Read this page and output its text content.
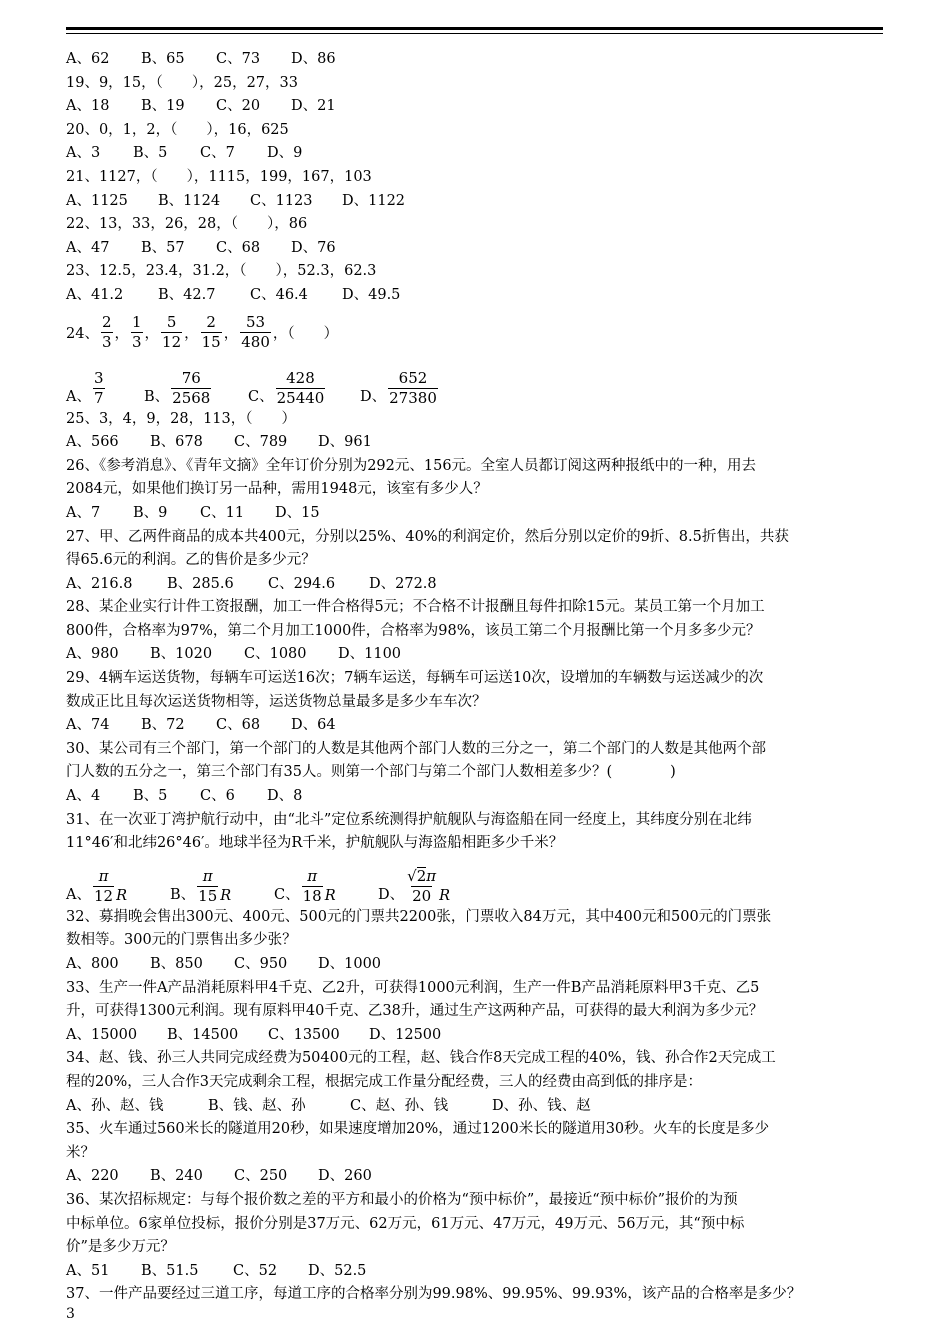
A、62	B、65	C、73	D、86
19、9，15，（　　），25，27，33
A、18	B、19	C、20	D、21
20、0，1，2，（　　），16，625
A、3	B、5	C、7	D、9
21、1127，（　　），1115，199，167，103
A、1125	B、1124	C、1123	D、1122
22、13，33，26，28，（　　），86
A、47	B、57	C、68	D、76
23、12.5，23.4，31.2，（　　），52.3，62.3
A、41.2	B、42.7	C、46.4	D、49.5
24、 $\frac{2}{3}$ ， $\frac{1}{3}$ ， $\frac{5}{12}$ ， $\frac{2}{15}$ ， $\frac{53}{480}$ ，（　　）
A、 $\frac{3}{7}$	B、 $\frac{76}{2568}$	C、 $\frac{428}{25440}$ D、 $\frac{652}{27380}$
25、3，4，9，28，113，（　　）
A、566	B、678	C、789	D、961
26、《参考消息》、《青年文摘》全年订价分别为292元、156元。全室人员都订阅这两种报纸中的一种，用去
2084元，如果他们换订另一品种，需用1948元，该室有多少人？
A、7	B、9	C、11	D、15
27、甲、乙两件商品的成本共400元，分别以25%、40%的利润定价，然后分别以定价的9折、8.5折售出，共获
得65.6元的利润。乙的售价是多少元？
A、216.8	B、285.6	C、294.6	D、272.8
28、某企业实行计件工资报酬，加工一件合格得5元；不合格不计报酬且每件扣除15元。某员工第一个月加工
800件，合格率为97%，第二个月加工1000件，合格率为98%，该员工第二个月报酬比第一个月多多少元？
A、980	B、1020	C、1080	D、1100
29、4辆车运送货物，每辆车可运送16次；7辆车运送，每辆车可运送10次，设增加的车辆数与运送减少的次
数成正比且每次运送货物相等，运送货物总量最多是多少车车次？
A、74	B、72	C、68	D、64
30、某公司有三个部门，第一个部门的人数是其他两个部门人数的三分之一，第二个部门的人数是其他两个部
门人数的五分之一，第三个部门有35人。则第一个部门与第二个部门人数相差多少？(　　　　)
A、4	B、5	C、6	D、8
31、在一次亚丁湾护航行动中，由“北斗”定位系统测得护航舰队与海盗船在同一经度上，其纬度分别在北纬
11°46′和北纬26°46′。地球半径为R千米，护航舰队与海盗船相距多少千米？
A、 $\frac{\pi}{12}$ R	B、 $\frac{\pi}{15}$ R	C、 $\frac{\pi}{18}$ R	D、 $\frac{√ 2 \pi}{20}$ R
32、募捐晚会售出300元、400元、500元的门票共2200张，门票收入84万元，其中400元和500元的门票张
数相等。300元的门票售出多少张？
A、800	B、850	C、950	D、1000
33、生产一件A产品消耗原料甲4千克、乙2升，可获得1000元利润，生产一件B产品消耗原料甲3千克、乙5
升，可获得1300元利润。现有原料甲40千克、乙38升，通过生产这两种产品，可获得的最大利润为多少元？
A、15000	B、14500	C、13500	D、12500
34、赵、钱、孙三人共同完成经费为50400元的工程，赵、钱合作8天完成工程的40%，钱、孙合作2天完成工
程的20%，三人合作3天完成剩余工程，根据完成工作量分配经费，三人的经费由高到低的排序是：
A、孙、赵、钱	B、钱、赵、孙	C、赵、孙、钱	D、孙、钱、赵
35、火车通过560米长的隧道用20秒，如果速度增加20%，通过1200米长的隧道用30秒。火车的长度是多少
米？
A、220	B、240	C、250	D、260
36、某次招标规定：与每个报价数之差的平方和最小的价格为“预中标价”，最接近“预中标价”报价的为预
中标单位。6家单位投标，报价分别是37万元、62万元，61万元、47万元，49万元、56万元，其“预中标
价”是多少万元？
A、51	B、51.5	C、52	D、52.5
37、一件产品要经过三道工序，每道工序的合格率分别为99.98%、99.95%、99.93%，该产品的合格率是多少？
3
